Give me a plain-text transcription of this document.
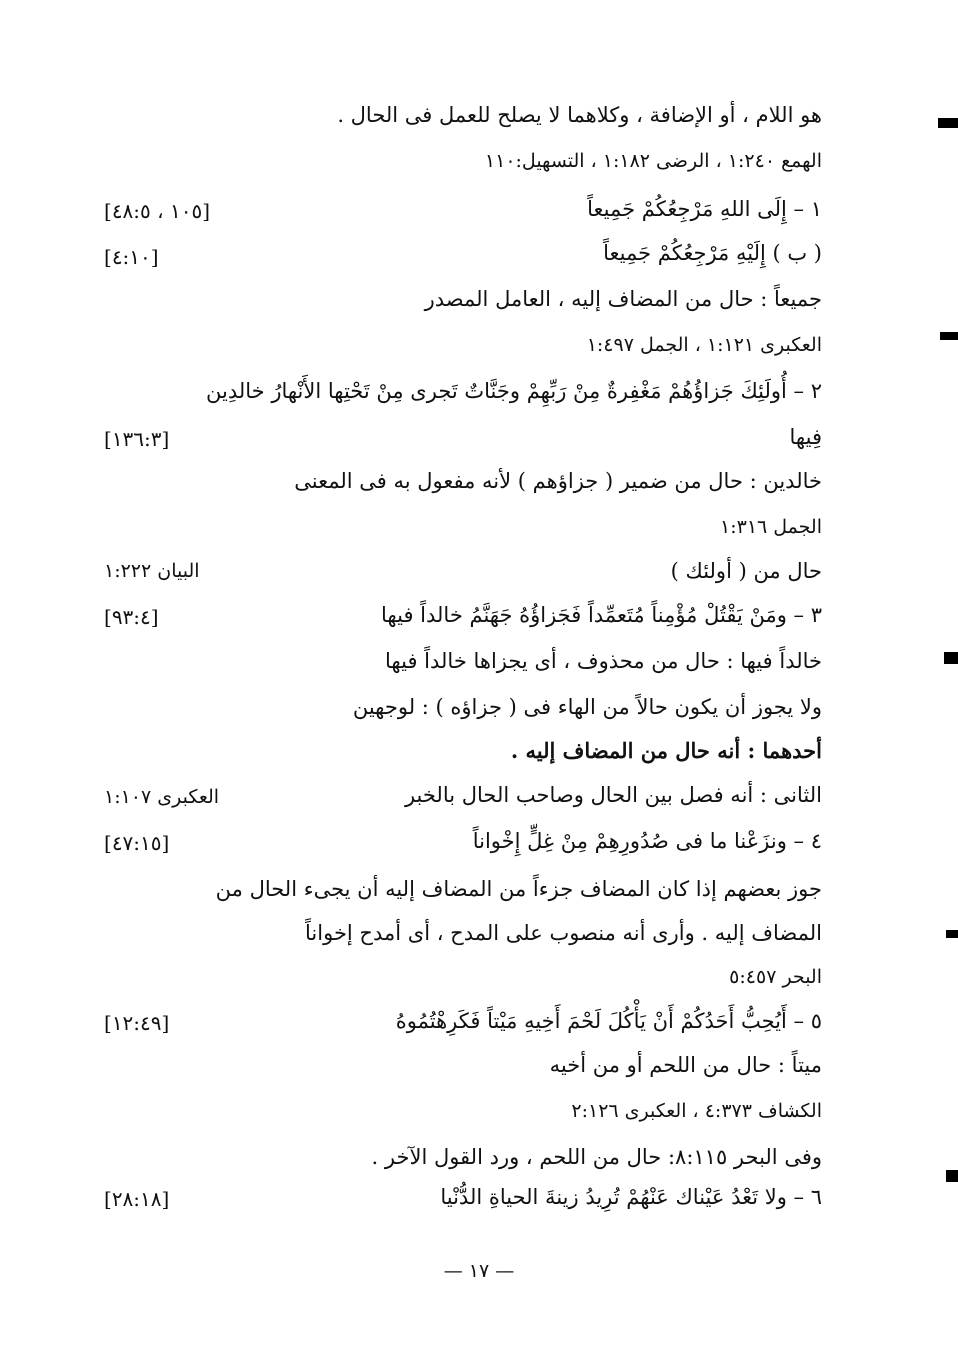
هو اللام ، أو الإضافة ، وكلاهما لا يصلح للعمل فى الحال .
الهمع ١:٢٤٠ ، الرضى ١:١٨٢ ، التسهيل:١١٠
١ – إِلَى اللهِ مَرْجِعُكُمْ جَمِيعاً
[١٠٥ ، ٤٨:٥]
( ب ) إِلَيْهِ مَرْجِعُكُمْ جَمِيعاً
[٤:١٠]
جميعاً : حال من المضاف إليه ، العامل المصدر
العكبرى ١:١٢١ ، الجمل ١:٤٩٧
٢ – أُولَئِكَ جَزاؤُهُمْ مَغْفِرةٌ مِنْ رَبِّهِمْ وجَنَّاتٌ تَجرى مِنْ تَحْتِها الأَنْهارُ خالدِين
فِيها
[١٣٦:٣]
خالدين : حال من ضمير ( جزاؤهم ) لأنه مفعول به فى المعنى
الجمل ١:٣١٦
حال من ( أولئك )
البيان ١:٢٢٢
٣ – ومَنْ يَقْتُلْ مُؤْمِناً مُتَعمِّداً فَجَزاؤُهُ جَهَنَّمُ خالداً فيها
[٩٣:٤]
خالداً فيها : حال من محذوف ، أى يجزاها خالداً فيها
ولا يجوز أن يكون حالاً من الهاء فى ( جزاؤه ) : لوجهين
أحدهما : أنه حال من المضاف إليه .
الثانى : أنه فصل بين الحال وصاحب الحال بالخبر
العكبرى ١:١٠٧
٤ – ونزَعْنا ما فى صُدُورِهِمْ مِنْ غِلٍّ إِخْواناً
[٤٧:١٥]
جوز بعضهم إذا كان المضاف جزءاً من المضاف إليه أن يجىء الحال من
المضاف إليه . وأرى أنه منصوب على المدح ، أى أمدح إخواناً
البحر ٥:٤٥٧
٥ – أَيُحِبُّ أَحَدُكُمْ أَنْ يَأْكُلَ لَحْمَ أَخِيهِ مَيْتاً فَكَرِهْتُمُوهُ
[١٢:٤٩]
ميتاً : حال من اللحم أو من أخيه
الكشاف ٤:٣٧٣ ، العكبرى ٢:١٢٦
وفى البحر ٨:١١٥: حال من اللحم ، ورد القول الآخر .
٦ – ولا تَعْدُ عَيْناك عَنْهُمْ تُرِيدُ زينةَ الحياةِ الدُّنْيا
[٢٨:١٨]
— ١٧ —
